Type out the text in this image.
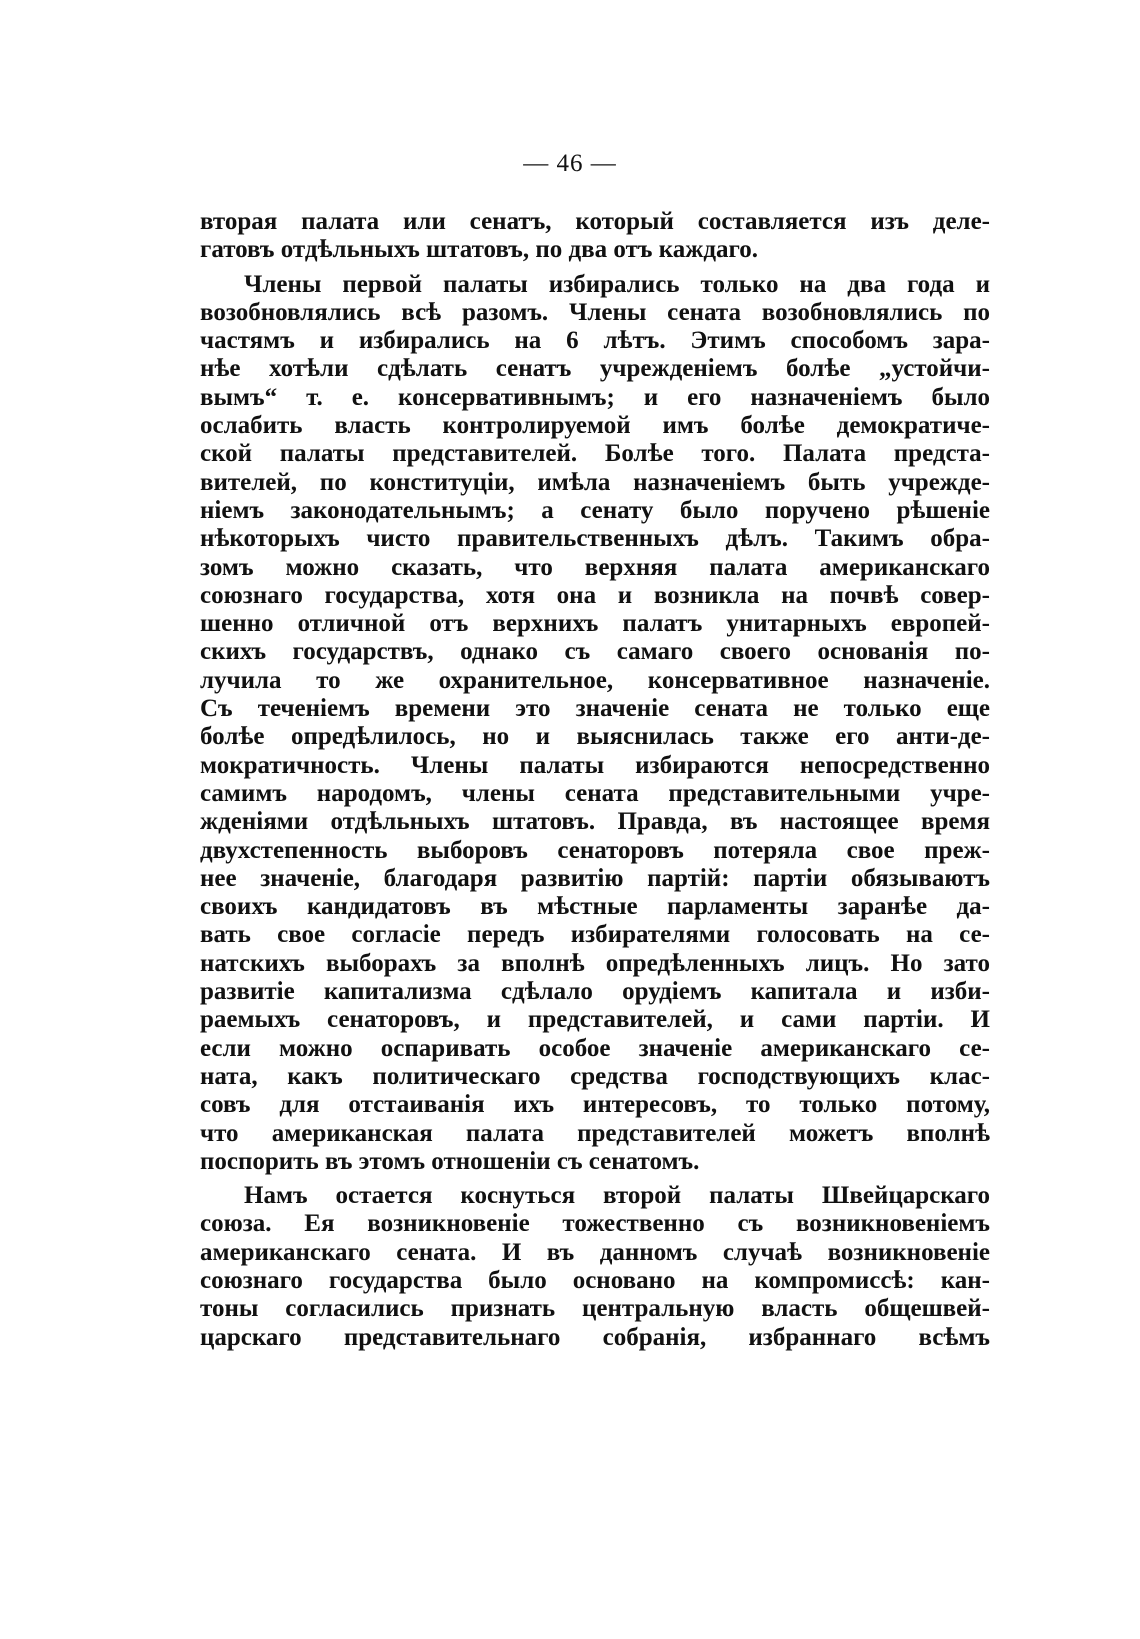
— 46 —
вторая палата или сенатъ, который составляется изъ деле-
гатовъ отдѣльныхъ штатовъ, по два отъ каждаго.
Члены первой палаты избирались только на два года и
возобновлялись всѣ разомъ. Члены сената возобновлялись по
частямъ и избирались на 6 лѣтъ. Этимъ способомъ зара-
нѣе хотѣли сдѣлать сенатъ учрежденіемъ болѣе „устойчи-
вымъ“ т. е. консервативнымъ; и его назначеніемъ было
ослабить власть контролируемой имъ болѣе демократиче-
ской палаты представителей. Болѣе того. Палата предста-
вителей, по конституціи, имѣла назначеніемъ быть учрежде-
ніемъ законодательнымъ; а сенату было поручено рѣшеніе
нѣкоторыхъ чисто правительственныхъ дѣлъ. Такимъ обра-
зомъ можно сказать, что верхняя палата американскаго
союзнаго государства, хотя она и возникла на почвѣ совер-
шенно отличной отъ верхнихъ палатъ унитарныхъ европей-
скихъ государствъ, однако съ самаго своего основанія по-
лучила то же охранительное, консервативное назначеніе.
Съ теченіемъ времени это значеніе сената не только еще
болѣе опредѣлилось, но и выяснилась также его анти-де-
мократичность. Члены палаты избираются непосредственно
самимъ народомъ, члены сената представительными учре-
жденіями отдѣльныхъ штатовъ. Правда, въ настоящее время
двухстепенность выборовъ сенаторовъ потеряла свое преж-
нее значеніе, благодаря развитію партій: партіи обязываютъ
своихъ кандидатовъ въ мѣстные парламенты заранѣе да-
вать свое согласіе передъ избирателями голосовать на се-
натскихъ выборахъ за вполнѣ опредѣленныхъ лицъ. Но зато
развитіе капитализма сдѣлало орудіемъ капитала и изби-
раемыхъ сенаторовъ, и представителей, и сами партіи. И
если можно оспаривать особое значеніе американскаго се-
ната, какъ политическаго средства господствующихъ клас-
совъ для отстаиванія ихъ интересовъ, то только потому,
что американская палата представителей можетъ вполнѣ
поспорить въ этомъ отношеніи съ сенатомъ.
Намъ остается коснуться второй палаты Швейцарскаго
союза. Ея возникновеніе тожественно съ возникновеніемъ
американскаго сената. И въ данномъ случаѣ возникновеніе
союзнаго государства было основано на компромиссѣ: кан-
тоны согласились признать центральную власть общешвей-
царскаго представительнаго собранія, избраннаго всѣмъ
